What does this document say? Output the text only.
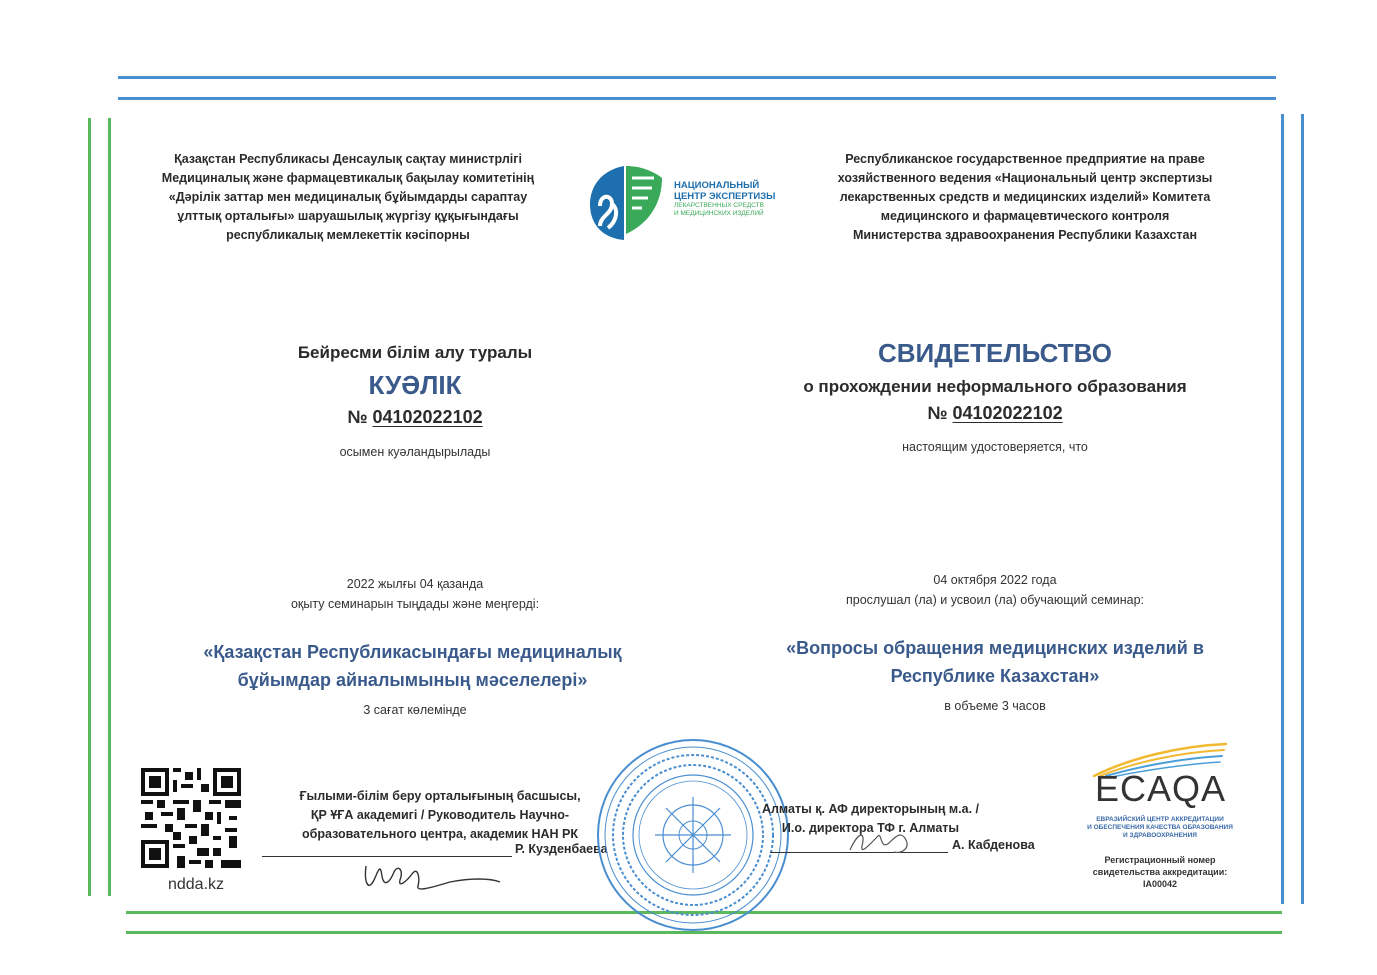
Қазақстан Республикасы Денсаулық сақтау министрлігі
Медициналық және фармацевтикалық бақылау комитетінің
«Дәрілік заттар мен медициналық бұйымдарды сараптау
ұлттық орталығы» шаруашылық жүргізу құқығындағы
республикалық мемлекеттік кәсіпорны
НАЦИОНАЛЬНЫЙ
ЦЕНТР ЭКСПЕРТИЗЫ
ЛЕКАРСТВЕННЫХ СРЕДСТВ
И МЕДИЦИНСКИХ ИЗДЕЛИЙ
Республиканское государственное предприятие на праве
хозяйственного ведения «Национальный центр экспертизы
лекарственных средств и медицинских изделий» Комитета
медицинского и фармацевтического контроля
Министерства здравоохранения Республики Казахстан
Бейресми білім алу туралы
КУӘЛІК
№ 04102022102
осымен куәландырылады
СВИДЕТЕЛЬСТВО
о прохождении неформального образования
№ 04102022102
настоящим удостоверяется, что
2022 жылғы 04 қазанда
оқыту семинарын тыңдады және меңгерді:
04 октября 2022 года
прослушал (ла) и усвоил (ла) обучающий семинар:
«Қазақстан Республикасындағы медициналық
бұйымдар айналымының мәселелері»
3 сағат көлемінде
«Вопросы обращения медицинских изделий в
Республике Казахстан»
в объеме 3 часов
ndda.kz
Ғылыми-білім беру орталығының басшысы,
ҚР ҰҒА академигі / Руководитель Научно-
образовательного центра, академик НАН РК
Р. Кузденбаева
Алматы қ. АФ директорының м.а. /
И.о. директора ТФ г. Алматы
А. Кабденова
ECAQA
ЕВРАЗИЙСКИЙ ЦЕНТР АККРЕДИТАЦИИ
И ОБЕСПЕЧЕНИЯ КАЧЕСТВА ОБРАЗОВАНИЯ
И ЗДРАВООХРАНЕНИЯ
Регистрационный номер
свидетельства аккредитации:
IA00042
